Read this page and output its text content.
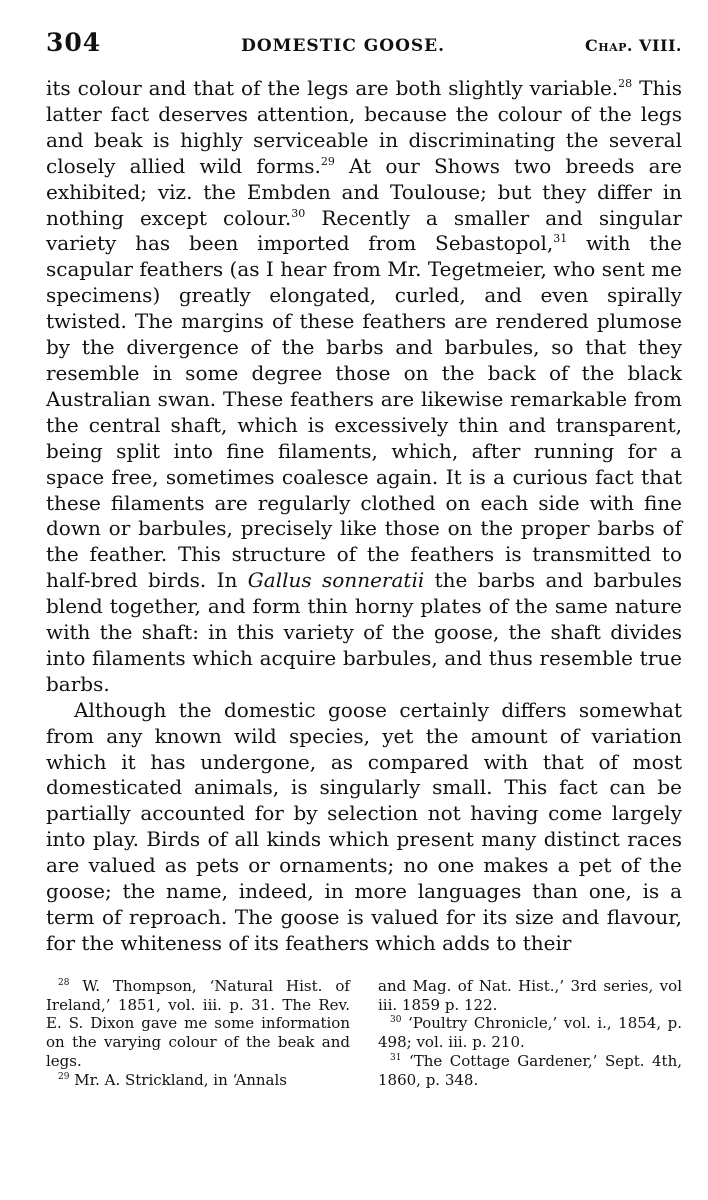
304	DOMESTIC GOOSE.	Chap. VIII.

its colour and that of the legs are both slightly variable.$^{28}$ This latter fact deserves attention, because the colour of the legs and beak is highly serviceable in discriminating the several closely allied wild forms.$^{29}$ At our Shows two breeds are exhibited; viz. the Embden and Toulouse; but they differ in nothing except colour.$^{30}$ Recently a smaller and singular variety has been imported from Sebastopol,$^{31}$ with the scapular feathers (as I hear from Mr. Tegetmeier, who sent me specimens) greatly elongated, curled, and even spirally twisted. The margins of these feathers are rendered plumose by the divergence of the barbs and barbules, so that they resemble in some degree those on the back of the black Australian swan. These feathers are likewise remarkable from the central shaft, which is excessively thin and transparent, being split into fine filaments, which, after running for a space free, sometimes coalesce again. It is a curious fact that these filaments are regularly clothed on each side with fine down or barbules, precisely like those on the proper barbs of the feather. This structure of the feathers is transmitted to half-bred birds. In Gallus sonneratii the barbs and barbules blend together, and form thin horny plates of the same nature with the shaft: in this variety of the goose, the shaft divides into filaments which acquire barbules, and thus resemble true barbs.

Although the domestic goose certainly differs somewhat from any known wild species, yet the amount of variation which it has undergone, as compared with that of most domesticated animals, is singularly small. This fact can be partially accounted for by selection not having come largely into play. Birds of all kinds which present many distinct races are valued as pets or ornaments; no one makes a pet of the goose; the name, indeed, in more languages than one, is a term of reproach. The goose is valued for its size and flavour, for the whiteness of its feathers which adds to their

$^{28}$ W. Thompson, ‘Natural Hist. of Ireland,’ 1851, vol. iii. p. 31. The Rev. E. S. Dixon gave me some information on the varying colour of the beak and legs.

$^{29}$ Mr. A. Strickland, in ‘Annals

and Mag. of Nat. Hist.,’ 3rd series, vol iii. 1859 p. 122.

$^{30}$ ‘Poultry Chronicle,’ vol. i., 1854, p. 498; vol. iii. p. 210.

$^{31}$ ‘The Cottage Gardener,’ Sept. 4th, 1860, p. 348.
